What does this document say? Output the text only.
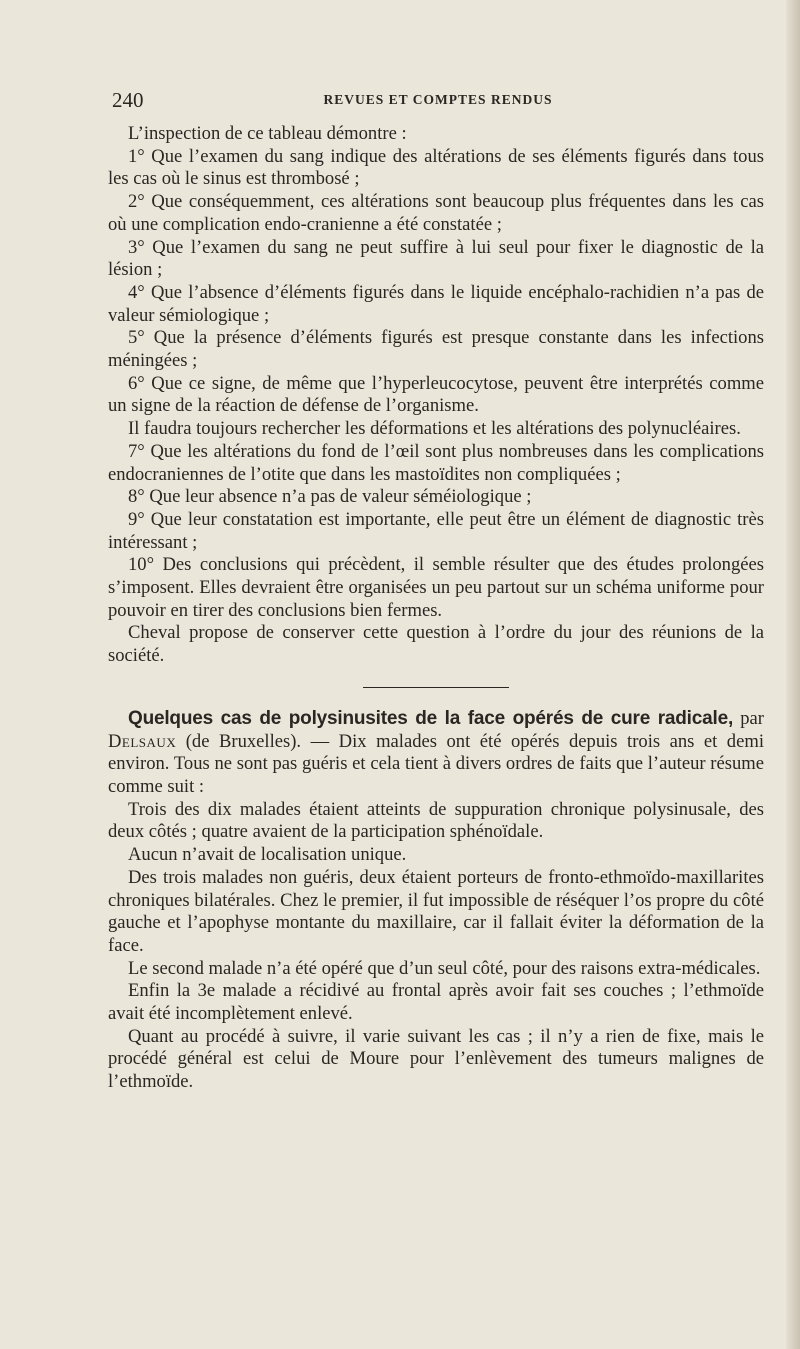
240	REVUES ET COMPTES RENDUS

L’inspection de ce tableau démontre :

1° Que l’examen du sang indique des altérations de ses éléments figurés dans tous les cas où le sinus est thrombosé ;

2° Que conséquemment, ces altérations sont beaucoup plus fréquentes dans les cas où une complication endo-cranienne a été constatée ;

3° Que l’examen du sang ne peut suffire à lui seul pour fixer le diagnostic de la lésion ;

4° Que l’absence d’éléments figurés dans le liquide encéphalo-rachidien n’a pas de valeur sémiologique ;

5° Que la présence d’éléments figurés est presque constante dans les infections méningées ;

6° Que ce signe, de même que l’hyperleucocytose, peuvent être interprétés comme un signe de la réaction de défense de l’organisme.

Il faudra toujours rechercher les déformations et les altérations des polynucléaires.

7° Que les altérations du fond de l’œil sont plus nombreuses dans les complications endocraniennes de l’otite que dans les mastoïdites non compliquées ;

8° Que leur absence n’a pas de valeur séméiologique ;

9° Que leur constatation est importante, elle peut être un élément de diagnostic très intéressant ;

10° Des conclusions qui précèdent, il semble résulter que des études prolongées s’imposent. Elles devraient être organisées un peu partout sur un schéma uniforme pour pouvoir en tirer des conclusions bien fermes.

Cheval propose de conserver cette question à l’ordre du jour des réunions de la société.

Quelques cas de polysinusites de la face opérés de cure radicale, par Delsaux (de Bruxelles). — Dix malades ont été opérés depuis trois ans et demi environ. Tous ne sont pas guéris et cela tient à divers ordres de faits que l’auteur résume comme suit :

Trois des dix malades étaient atteints de suppuration chronique polysinusale, des deux côtés ; quatre avaient de la participation sphénoïdale.

Aucun n’avait de localisation unique.

Des trois malades non guéris, deux étaient porteurs de fronto-ethmoïdo-maxillarites chroniques bilatérales. Chez le premier, il fut impossible de réséquer l’os propre du côté gauche et l’apophyse montante du maxillaire, car il fallait éviter la déformation de la face.

Le second malade n’a été opéré que d’un seul côté, pour des raisons extra-médicales.

Enfin la 3e malade a récidivé au frontal après avoir fait ses couches ; l’ethmoïde avait été incomplètement enlevé.

Quant au procédé à suivre, il varie suivant les cas ; il n’y a rien de fixe, mais le procédé général est celui de Moure pour l’enlèvement des tumeurs malignes de l’ethmoïde.
